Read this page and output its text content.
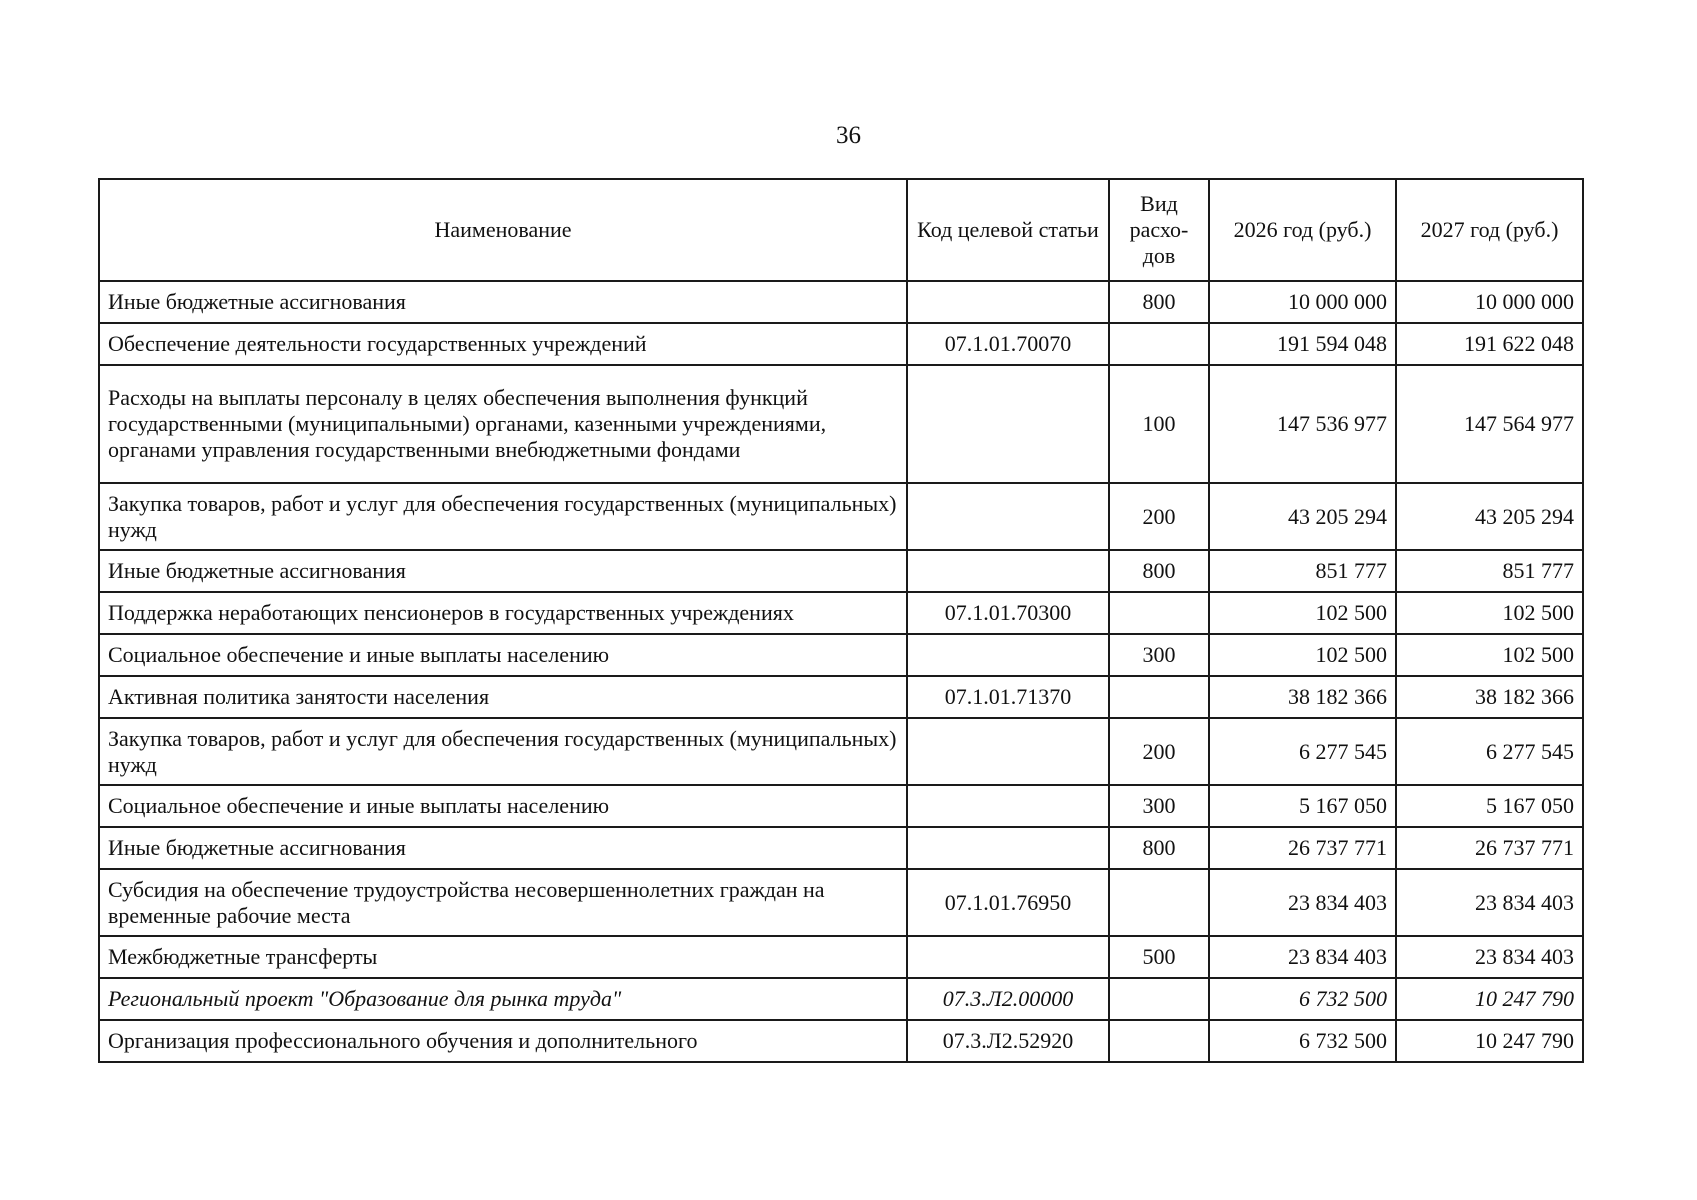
36
Наименование	Код целевой статьи	Вид расхо- дов	2026 год (руб.)	2027 год (руб.)
Иные бюджетные ассигнования		800	10 000 000	10 000 000
Обеспечение деятельности государственных учреждений	07.1.01.70070		191 594 048	191 622 048
Расходы на выплаты персоналу в целях обеспечения выполнения функций государственными (муниципальными) органами, казенными учреждениями, органами управления государственными внебюджетными фондами		100	147 536 977	147 564 977
Закупка товаров, работ и услуг для обеспечения государственных (муниципальных) нужд		200	43 205 294	43 205 294
Иные бюджетные ассигнования		800	851 777	851 777
Поддержка неработающих пенсионеров в государственных учреждениях	07.1.01.70300		102 500	102 500
Социальное обеспечение и иные выплаты населению		300	102 500	102 500
Активная политика занятости населения	07.1.01.71370		38 182 366	38 182 366
Закупка товаров, работ и услуг для обеспечения государственных (муниципальных) нужд		200	6 277 545	6 277 545
Социальное обеспечение и иные выплаты населению		300	5 167 050	5 167 050
Иные бюджетные ассигнования		800	26 737 771	26 737 771
Субсидия на обеспечение трудоустройства несовершеннолетних граждан на временные рабочие места	07.1.01.76950		23 834 403	23 834 403
Межбюджетные трансферты		500	23 834 403	23 834 403
Региональный проект "Образование для рынка труда"	07.3.Л2.00000		6 732 500	10 247 790
Организация профессионального обучения и дополнительного	07.3.Л2.52920		6 732 500	10 247 790
